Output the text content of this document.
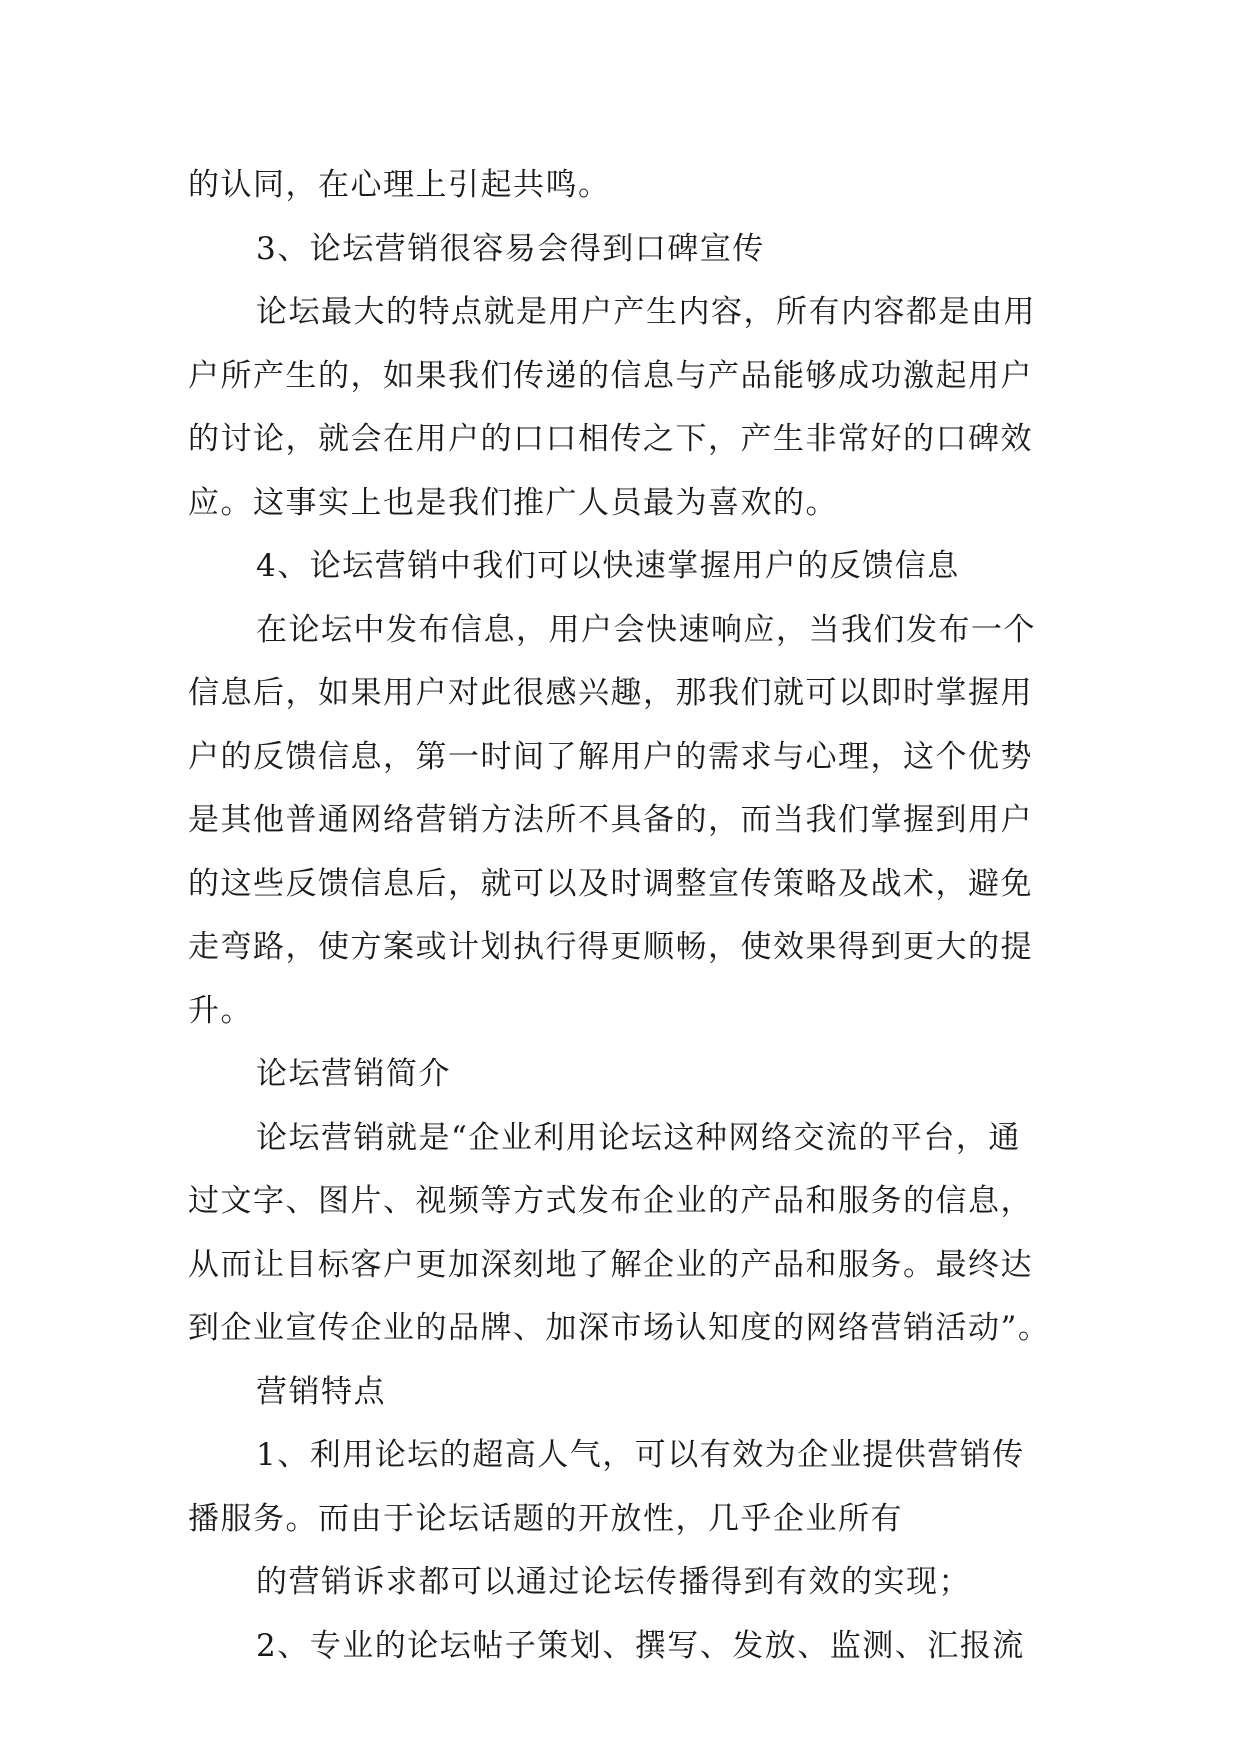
的认同，在心理上引起共鸣。
3、论坛营销很容易会得到口碑宣传
论坛最大的特点就是用户产生内容，所有内容都是由用
户所产生的，如果我们传递的信息与产品能够成功激起用户
的讨论，就会在用户的口口相传之下，产生非常好的口碑效
应。这事实上也是我们推广人员最为喜欢的。
4、论坛营销中我们可以快速掌握用户的反馈信息
在论坛中发布信息，用户会快速响应，当我们发布一个
信息后，如果用户对此很感兴趣，那我们就可以即时掌握用
户的反馈信息，第一时间了解用户的需求与心理，这个优势
是其他普通网络营销方法所不具备的，而当我们掌握到用户
的这些反馈信息后，就可以及时调整宣传策略及战术，避免
走弯路，使方案或计划执行得更顺畅，使效果得到更大的提
升。
论坛营销简介
论坛营销就是“企业利用论坛这种网络交流的平台，通
过文字、图片、视频等方式发布企业的产品和服务的信息，
从而让目标客户更加深刻地了解企业的产品和服务。最终达
到企业宣传企业的品牌、加深市场认知度的网络营销活动”。
营销特点
1、利用论坛的超高人气，可以有效为企业提供营销传
播服务。而由于论坛话题的开放性，几乎企业所有
的营销诉求都可以通过论坛传播得到有效的实现；
2、专业的论坛帖子策划、撰写、发放、监测、汇报流
